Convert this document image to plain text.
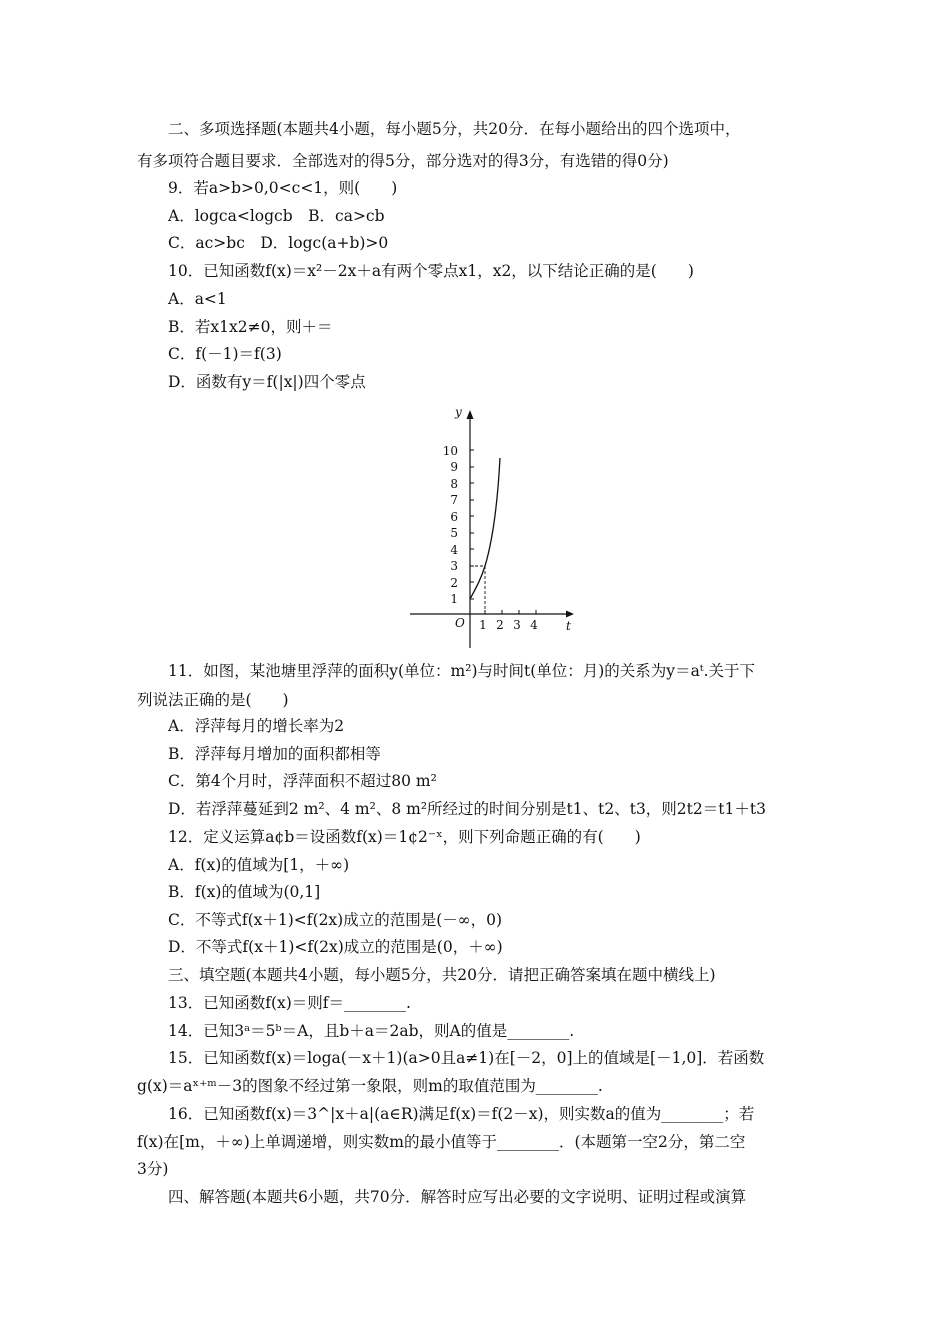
二、多项选择题(本题共4小题，每小题5分，共20分．在每小题给出的四个选项中，
有多项符合题目要求．全部选对的得5分，部分选对的得3分，有选错的得0分)
9．若a>b>0,0<c<1，则(　　)
A．logca<logcb　B．ca>cb
C．ac>bc　D．logc(a+b)>0
10．已知函数f(x)＝x²－2x＋a有两个零点x1，x2，以下结论正确的是(　　)
A．a<1
B．若x1x2≠0，则＋＝
C．f(－1)＝f(3)
D．函数有y＝f(|x|)四个零点
y
t
O
1
2
3
4
5
6
7
8
9
10
1 2 3 4
11．如图，某池塘里浮萍的面积y(单位：m²)与时间t(单位：月)的关系为y＝aᵗ.关于下
列说法正确的是(　　)
A．浮萍每月的增长率为2
B．浮萍每月增加的面积都相等
C．第4个月时，浮萍面积不超过80 m²
D．若浮萍蔓延到2 m²、4 m²、8 m²所经过的时间分别是t1、t2、t3，则2t2＝t1＋t3
12．定义运算a¢b＝设函数f(x)＝1¢2⁻ˣ，则下列命题正确的有(　　)
A．f(x)的值域为[1，＋∞)
B．f(x)的值域为(0,1]
C．不等式f(x＋1)<f(2x)成立的范围是(－∞，0)
D．不等式f(x＋1)<f(2x)成立的范围是(0，＋∞)
三、填空题(本题共4小题，每小题5分，共20分．请把正确答案填在题中横线上)
13．已知函数f(x)＝则f＝________.
14．已知3ᵃ＝5ᵇ＝A，且b＋a＝2ab，则A的值是________.
15．已知函数f(x)＝loga(－x＋1)(a>0且a≠1)在[－2，0]上的值域是[－1,0]．若函数
g(x)＝aˣ⁺ᵐ－3的图象不经过第一象限，则m的取值范围为________.
16．已知函数f(x)＝3^|x＋a|(a∈R)满足f(x)＝f(2－x)，则实数a的值为________；若
f(x)在[m，＋∞)上单调递增，则实数m的最小值等于________．(本题第一空2分，第二空
3分)
四、解答题(本题共6小题，共70分．解答时应写出必要的文字说明、证明过程或演算
